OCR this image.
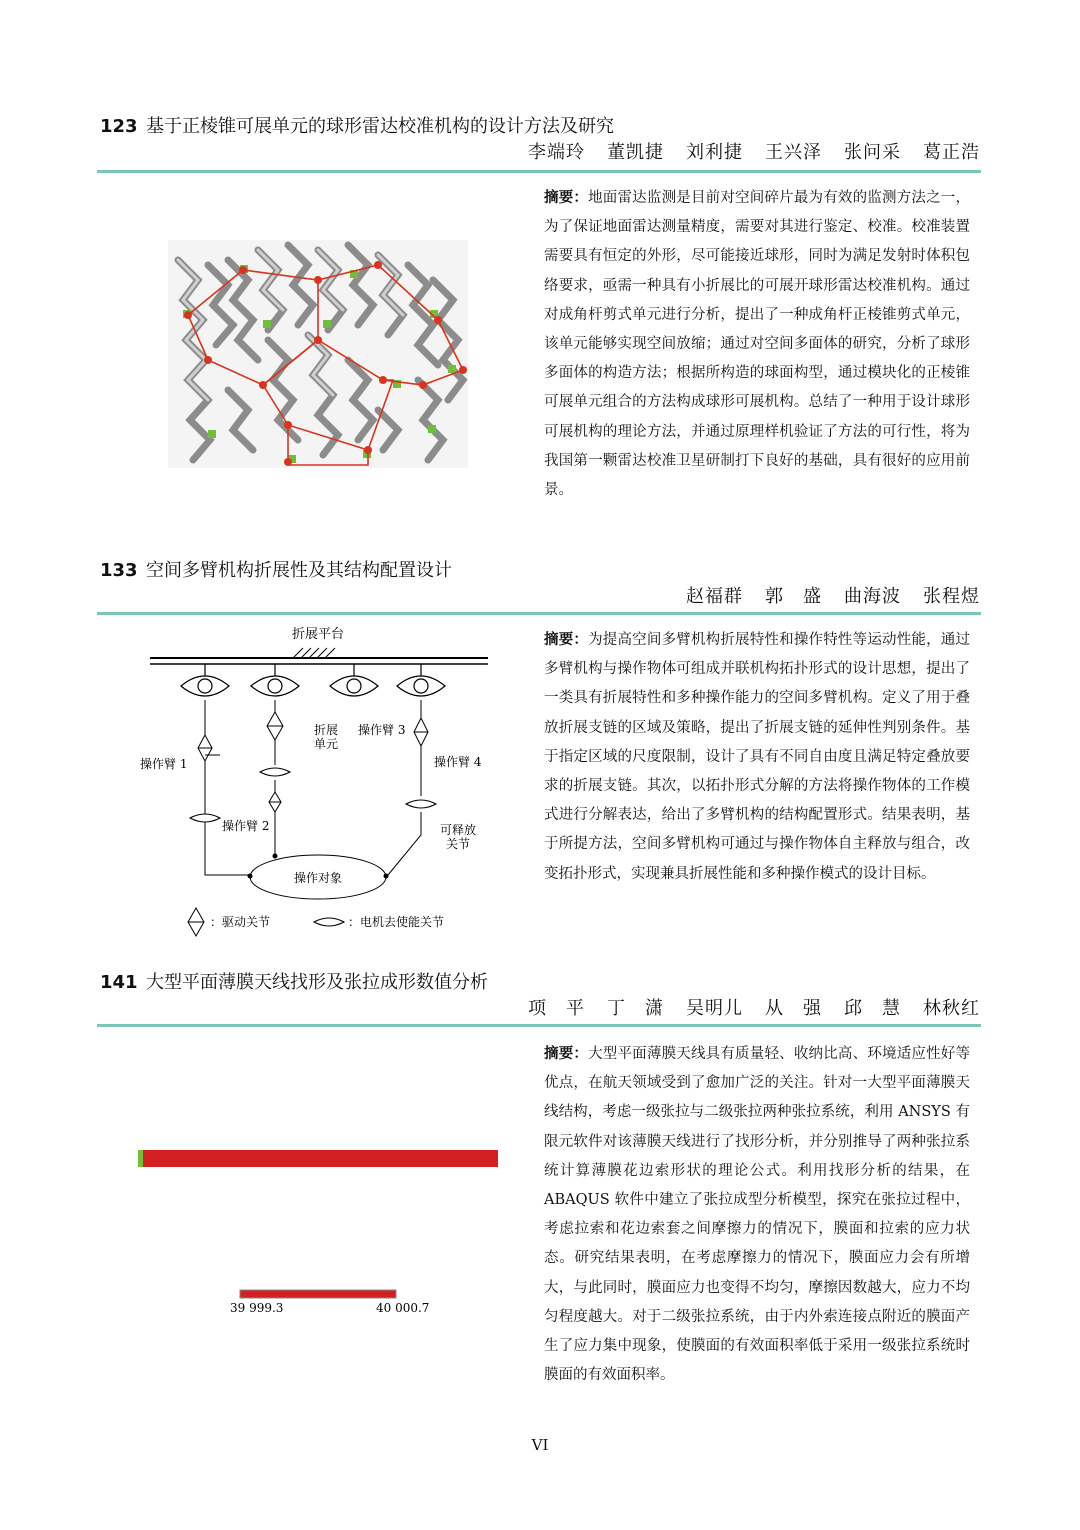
123 基于正棱锥可展单元的球形雷达校准机构的设计方法及研究
李端玲 董凯捷 刘利捷 王兴泽 张问采 葛正浩
摘要：地面雷达监测是目前对空间碎片最为有效的监测方法之一，为了保证地面雷达测量精度，需要对其进行鉴定、校准。校准装置需要具有恒定的外形，尽可能接近球形，同时为满足发射时体积包络要求，亟需一种具有小折展比的可展开球形雷达校准机构。通过对成角杆剪式单元进行分析，提出了一种成角杆正棱锥剪式单元，该单元能够实现空间放缩；通过对空间多面体的研究，分析了球形多面体的构造方法；根据所构造的球面构型，通过模块化的正棱锥可展单元组合的方法构成球形可展机构。总结了一种用于设计球形可展机构的理论方法，并通过原理样机验证了方法的可行性，将为我国第一颗雷达校准卫星研制打下良好的基础，具有很好的应用前景。
133 空间多臂机构折展性及其结构配置设计
赵福群 郭　盛 曲海波 张程煜
折展平台
折展
单元
操作臂 3
操作臂 1	操作臂 4
操作臂 2	可释放
关节
操作对象
：驱动关节	：电机去使能关节
摘要：为提高空间多臂机构折展特性和操作特性等运动性能，通过多臂机构与操作物体可组成并联机构拓扑形式的设计思想，提出了一类具有折展特性和多种操作能力的空间多臂机构。定义了用于叠放折展支链的区域及策略，提出了折展支链的延伸性判别条件。基于指定区域的尺度限制，设计了具有不同自由度且满足特定叠放要求的折展支链。其次，以拓扑形式分解的方法将操作物体的工作模式进行分解表达，给出了多臂机构的结构配置形式。结果表明，基于所提方法，空间多臂机构可通过与操作物体自主释放与组合，改变拓扑形式，实现兼具折展性能和多种操作模式的设计目标。
141 大型平面薄膜天线找形及张拉成形数值分析
项　平 丁　潇 吴明儿 从　强 邱　慧 林秋红
39 999.3	40 000.7
摘要：大型平面薄膜天线具有质量轻、收纳比高、环境适应性好等优点，在航天领域受到了愈加广泛的关注。针对一大型平面薄膜天线结构，考虑一级张拉与二级张拉两种张拉系统，利用 ANSYS 有限元软件对该薄膜天线进行了找形分析，并分别推导了两种张拉系统计算薄膜花边索形状的理论公式。利用找形分析的结果，在 ABAQUS 软件中建立了张拉成型分析模型，探究在张拉过程中，考虑拉索和花边索套之间摩擦力的情况下，膜面和拉索的应力状态。研究结果表明，在考虑摩擦力的情况下，膜面应力会有所增大，与此同时，膜面应力也变得不均匀，摩擦因数越大，应力不均匀程度越大。对于二级张拉系统，由于内外索连接点附近的膜面产生了应力集中现象，使膜面的有效面积率低于采用一级张拉系统时膜面的有效面积率。
VI
